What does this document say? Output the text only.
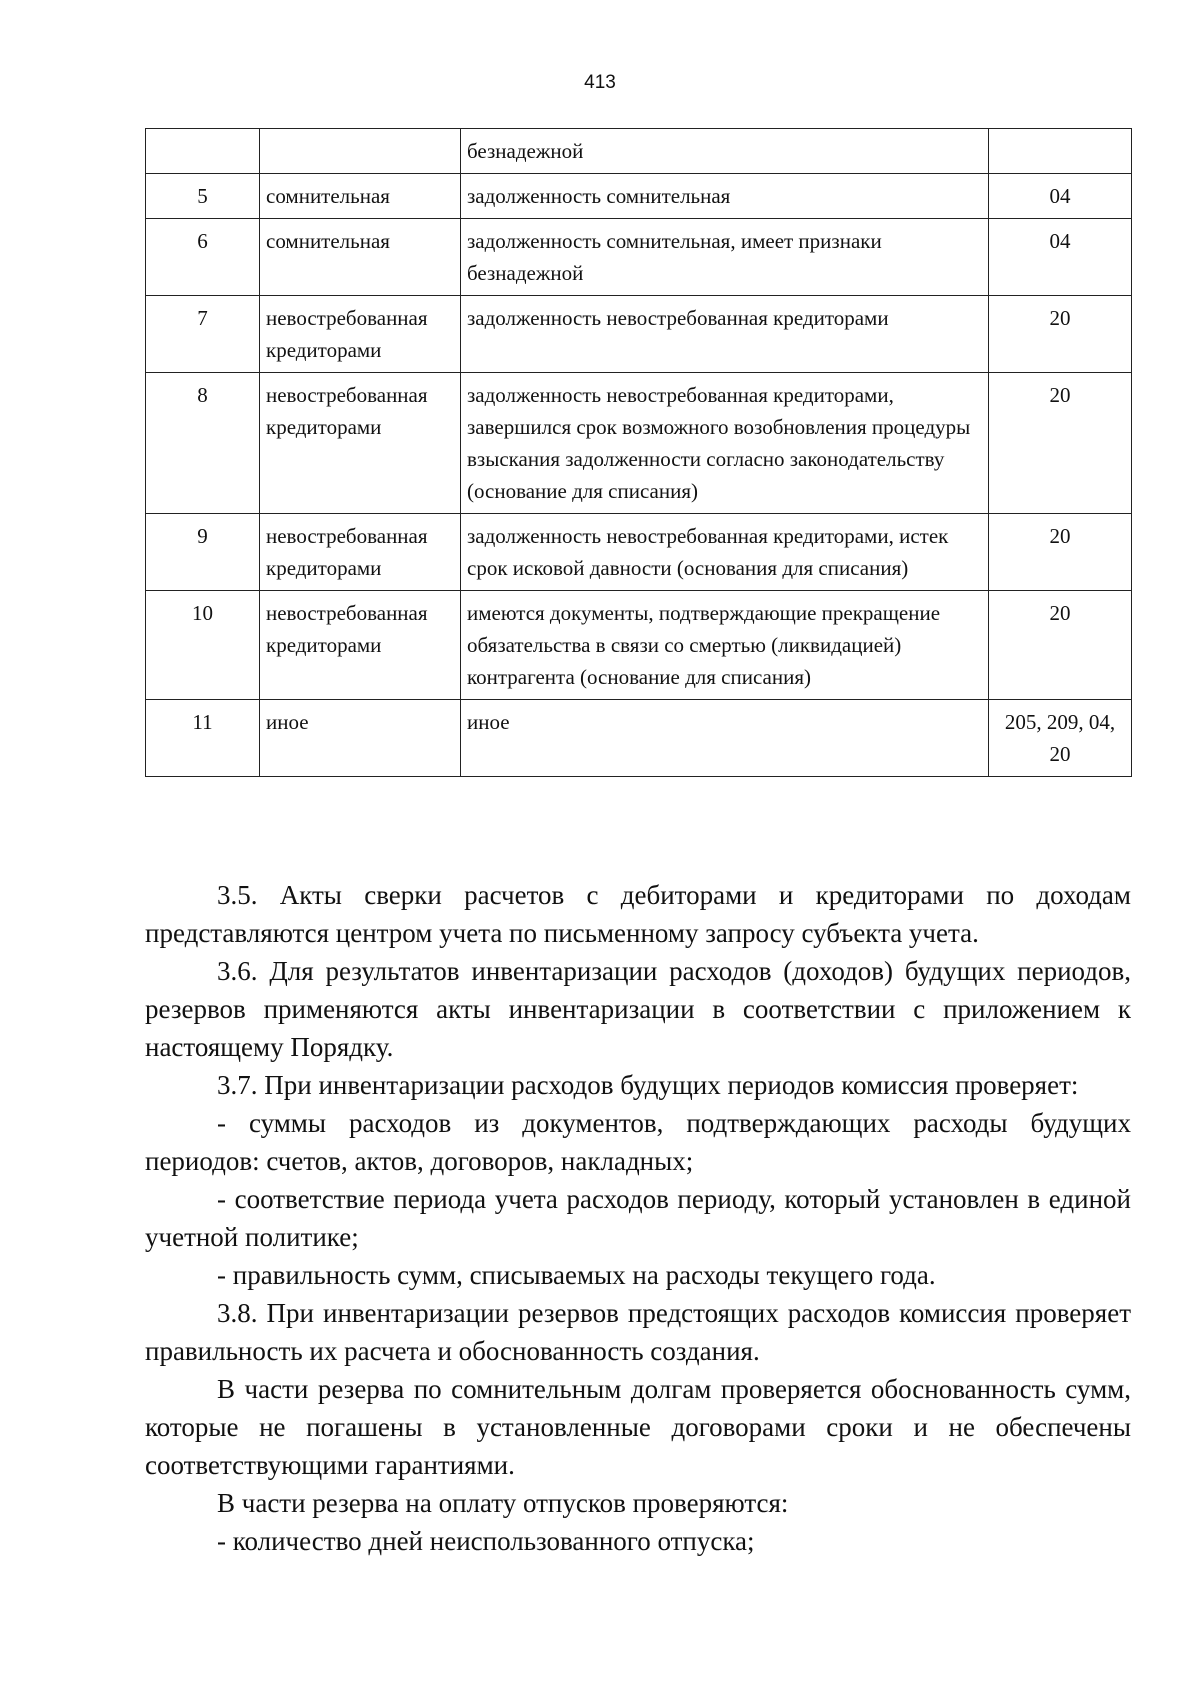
413
		безнадежной	
5	сомнительная	задолженность сомнительная	04
6	сомнительная	задолженность сомнительная, имеет признаки безнадежной	04
7	невостребованная кредиторами	задолженность невостребованная кредиторами	20
8	невостребованная кредиторами	задолженность невостребованная кредиторами, завершился срок возможного возобновления процедуры взыскания задолженности согласно законодательству (основание для списания)	20
9	невостребованная кредиторами	задолженность невостребованная кредиторами, истек срок исковой давности (основания для списания)	20
10	невостребованная кредиторами	имеются документы, подтверждающие прекращение обязательства в связи со смертью (ликвидацией) контрагента (основание для списания)	20
11	иное	иное	205, 209, 04, 20

3.5. Акты сверки расчетов с дебиторами и кредиторами по доходам представляются центром учета по письменному запросу субъекта учета.

3.6. Для результатов инвентаризации расходов (доходов) будущих периодов, резервов применяются акты инвентаризации в соответствии с приложением к настоящему Порядку.

3.7. При инвентаризации расходов будущих периодов комиссия проверяет:

- суммы расходов из документов, подтверждающих расходы будущих периодов: счетов, актов, договоров, накладных;

- соответствие периода учета расходов периоду, который установлен в единой учетной политике;

- правильность сумм, списываемых на расходы текущего года.

3.8. При инвентаризации резервов предстоящих расходов комиссия проверяет правильность их расчета и обоснованность создания.

В части резерва по сомнительным долгам проверяется обоснованность сумм, которые не погашены в установленные договорами сроки и не обеспечены соответствующими гарантиями.

В части резерва на оплату отпусков проверяются:

- количество дней неиспользованного отпуска;
